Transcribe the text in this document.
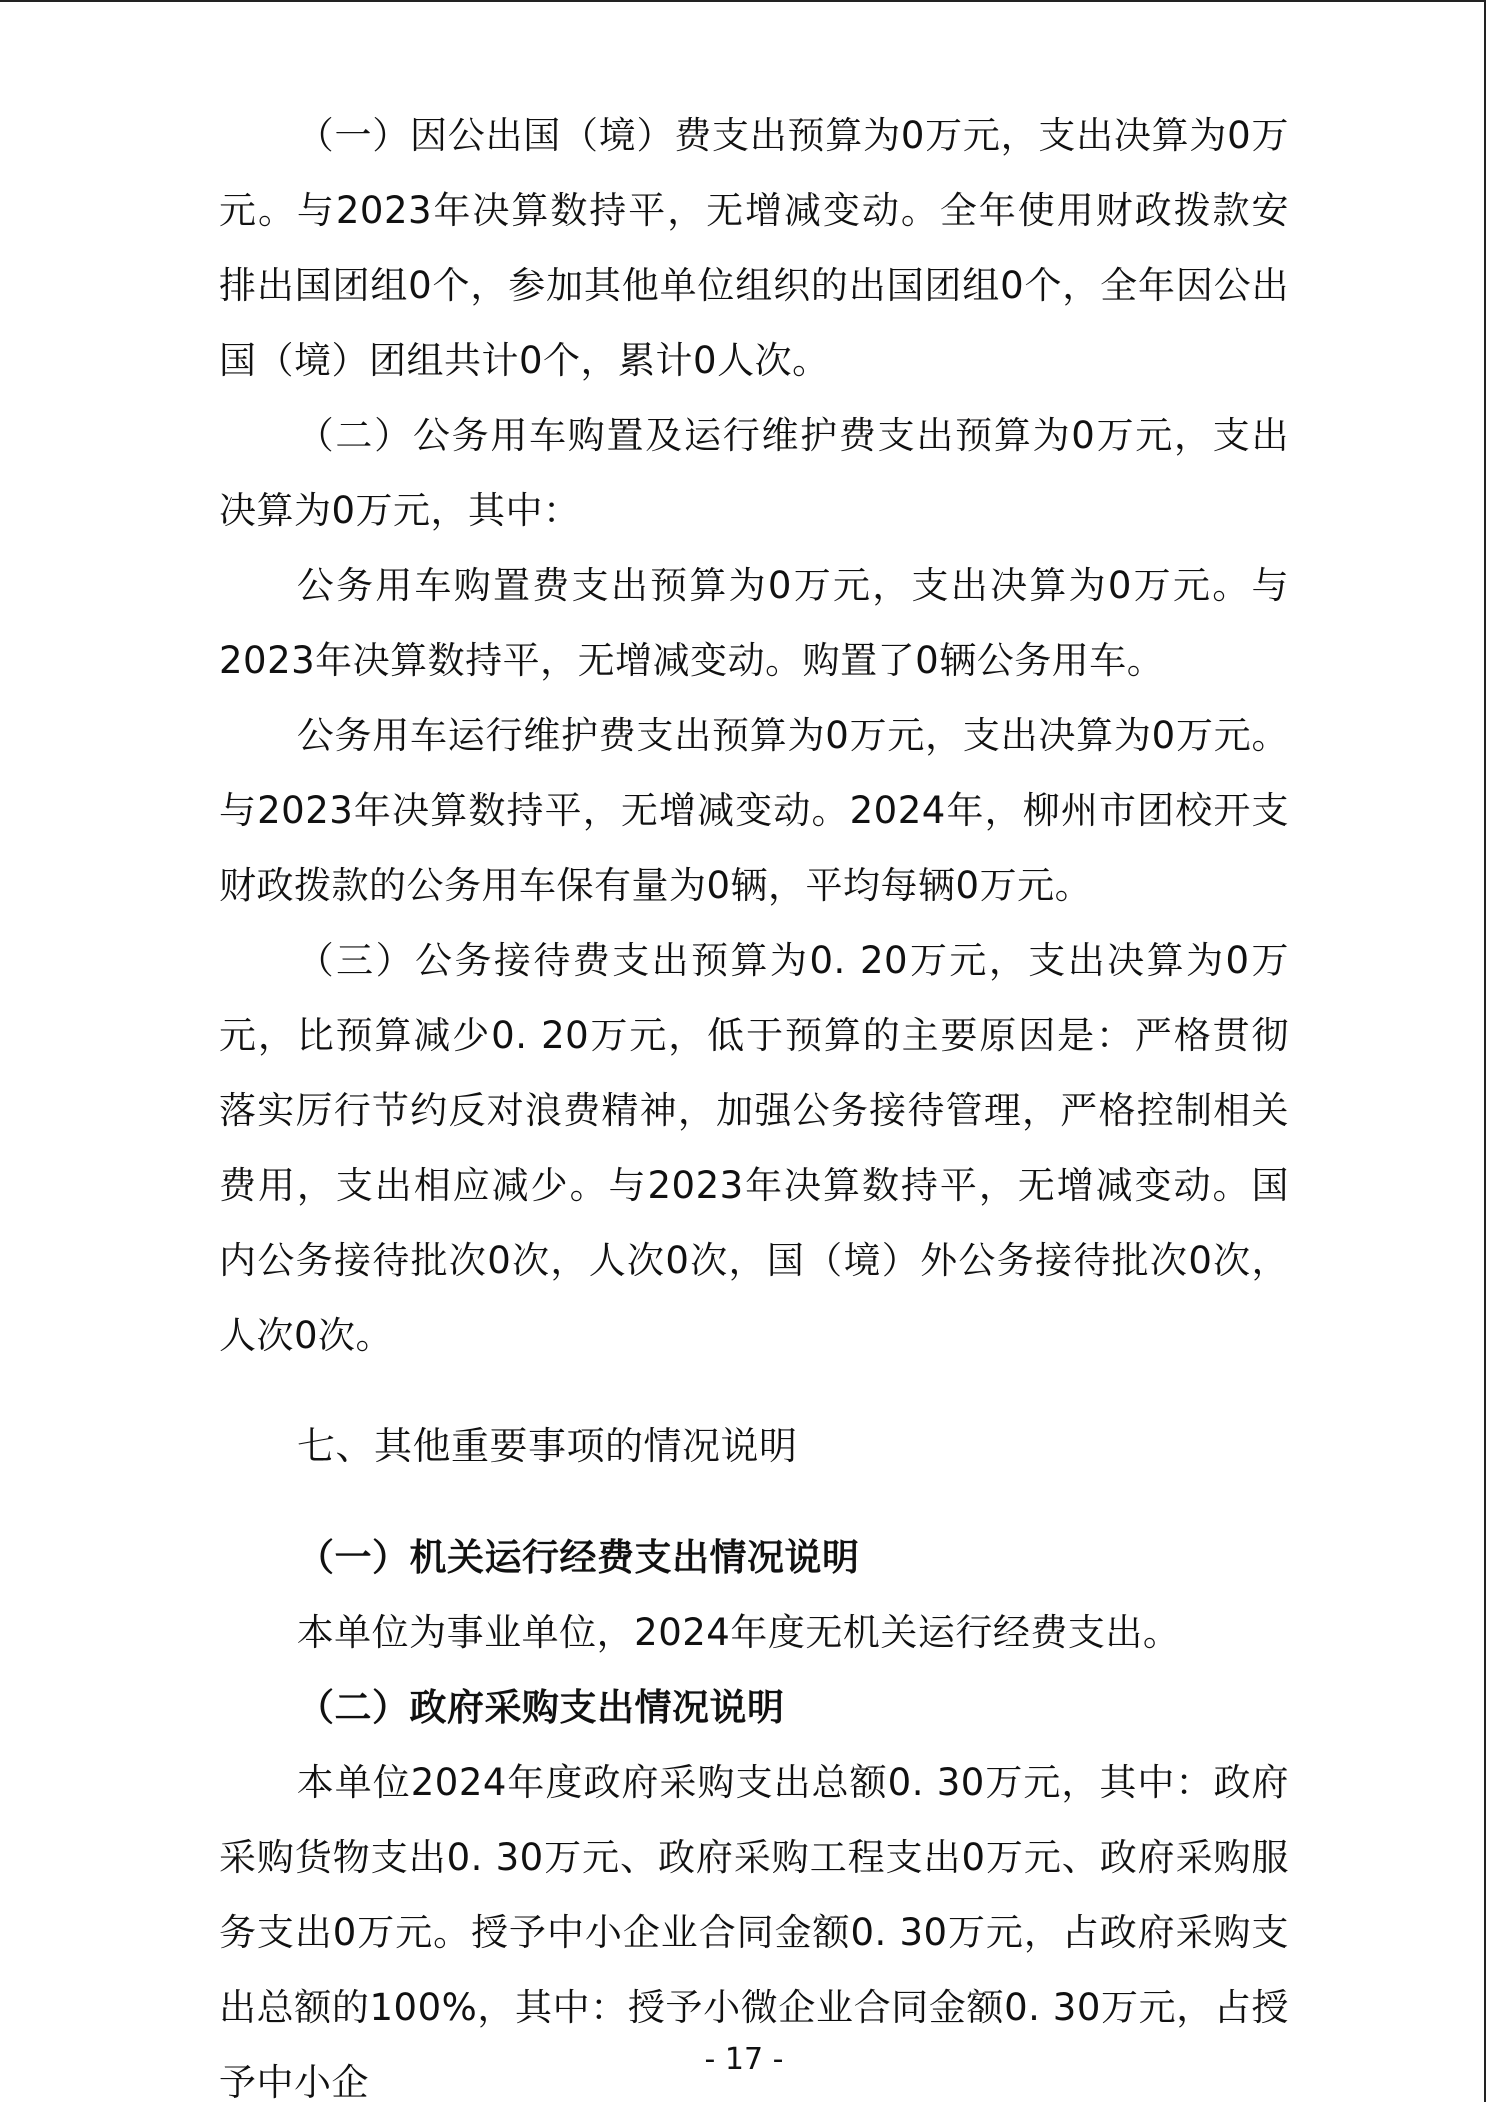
（一）因公出国（境）费支出预算为0万元，支出决算为0万元。与2023年决算数持平，无增减变动。全年使用财政拨款安排出国团组0个，参加其他单位组织的出国团组0个，全年因公出国（境）团组共计0个，累计0人次。

（二）公务用车购置及运行维护费支出预算为0万元，支出决算为0万元，其中：

公务用车购置费支出预算为0万元，支出决算为0万元。与2023年决算数持平，无增减变动。购置了0辆公务用车。

公务用车运行维护费支出预算为0万元，支出决算为0万元。与2023年决算数持平，无增减变动。2024年，柳州市团校开支财政拨款的公务用车保有量为0辆，平均每辆0万元。

（三）公务接待费支出预算为0. 20万元，支出决算为0万元，比预算减少0. 20万元，低于预算的主要原因是：严格贯彻落实厉行节约反对浪费精神，加强公务接待管理，严格控制相关费用，支出相应减少。与2023年决算数持平，无增减变动。国内公务接待批次0次，人次0次，国（境）外公务接待批次0次，人次0次。

七、其他重要事项的情况说明
（一）机关运行经费支出情况说明

本单位为事业单位，2024年度无机关运行经费支出。

（二）政府采购支出情况说明

本单位2024年度政府采购支出总额0. 30万元，其中：政府采购货物支出0. 30万元、政府采购工程支出0万元、政府采购服务支出0万元。授予中小企业合同金额0. 30万元，占政府采购支出总额的100%，其中：授予小微企业合同金额0. 30万元，占授予中小企

- 17 -
